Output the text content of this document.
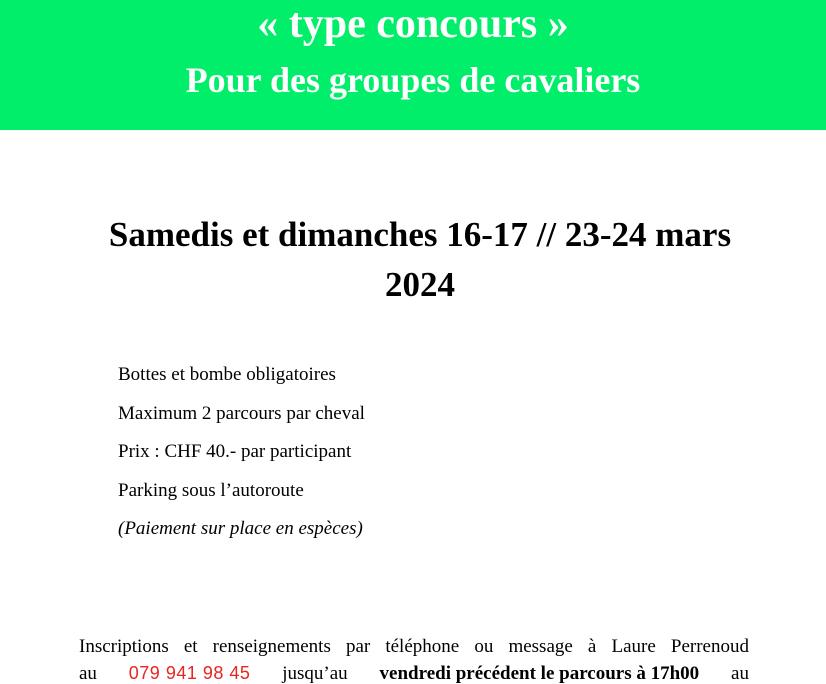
« type concours »
Pour des groupes de cavaliers
Samedis et dimanches 16-17 // 23-24 mars
2024
Bottes et bombe obligatoires
Maximum 2 parcours par cheval
Prix : CHF 40.- par participant
Parking sous l’autoroute
(Paiement sur place en espèces)
Inscriptions et renseignements par téléphone ou message à Laure Perrenoud
au 079 941 98 45 jusqu’au vendredi précédent le parcours à 17h00 au
